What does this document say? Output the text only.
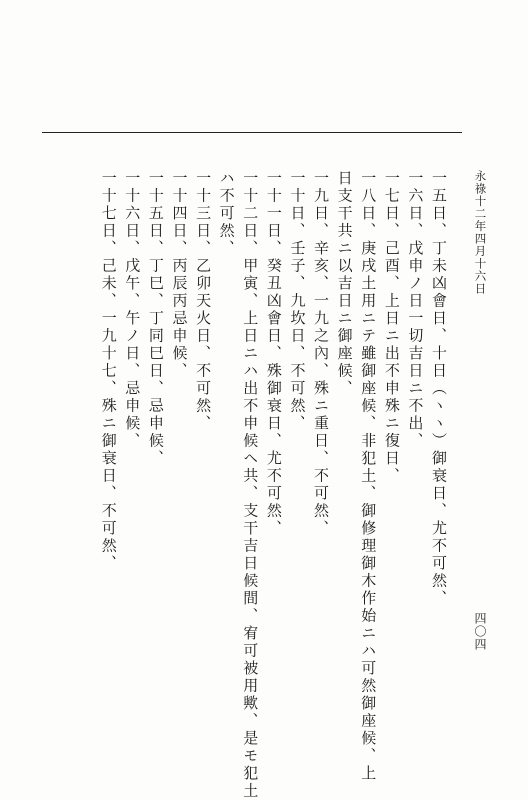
永祿十二年四月十六日
四〇四
一五日、丁未凶會日、十日（ヽヽ）御衰日、尤不可然、
一六日、戊申ノ日一切吉日ニ不出、
一七日、己酉、上日ニ出不申殊ニ復日、
一八日、庚戌土用ニテ雖御座候、非犯土、御修理御木作始ニハ可然御座候、上
日支干共ニ以吉日ニ御座候、
一九日、辛亥、一九之內、殊ニ重日、不可然、
一十日、壬子、九坎日、不可然、
一十一日、癸丑凶會日、殊御衰日、尤不可然、
一十二日、甲寅、上日ニハ出不申候ヘ共、支干吉日候間、宥可被用歟、是モ犯土
ハ不可然、
一十三日、乙卯天火日、不可然、
一十四日、丙辰丙忌申候、
一十五日、丁巳、丁同巳日、忌申候、
一十六日、戊午、午ノ日、忌申候、
一十七日、己未、一九十七、殊ニ御衰日、不可然、
